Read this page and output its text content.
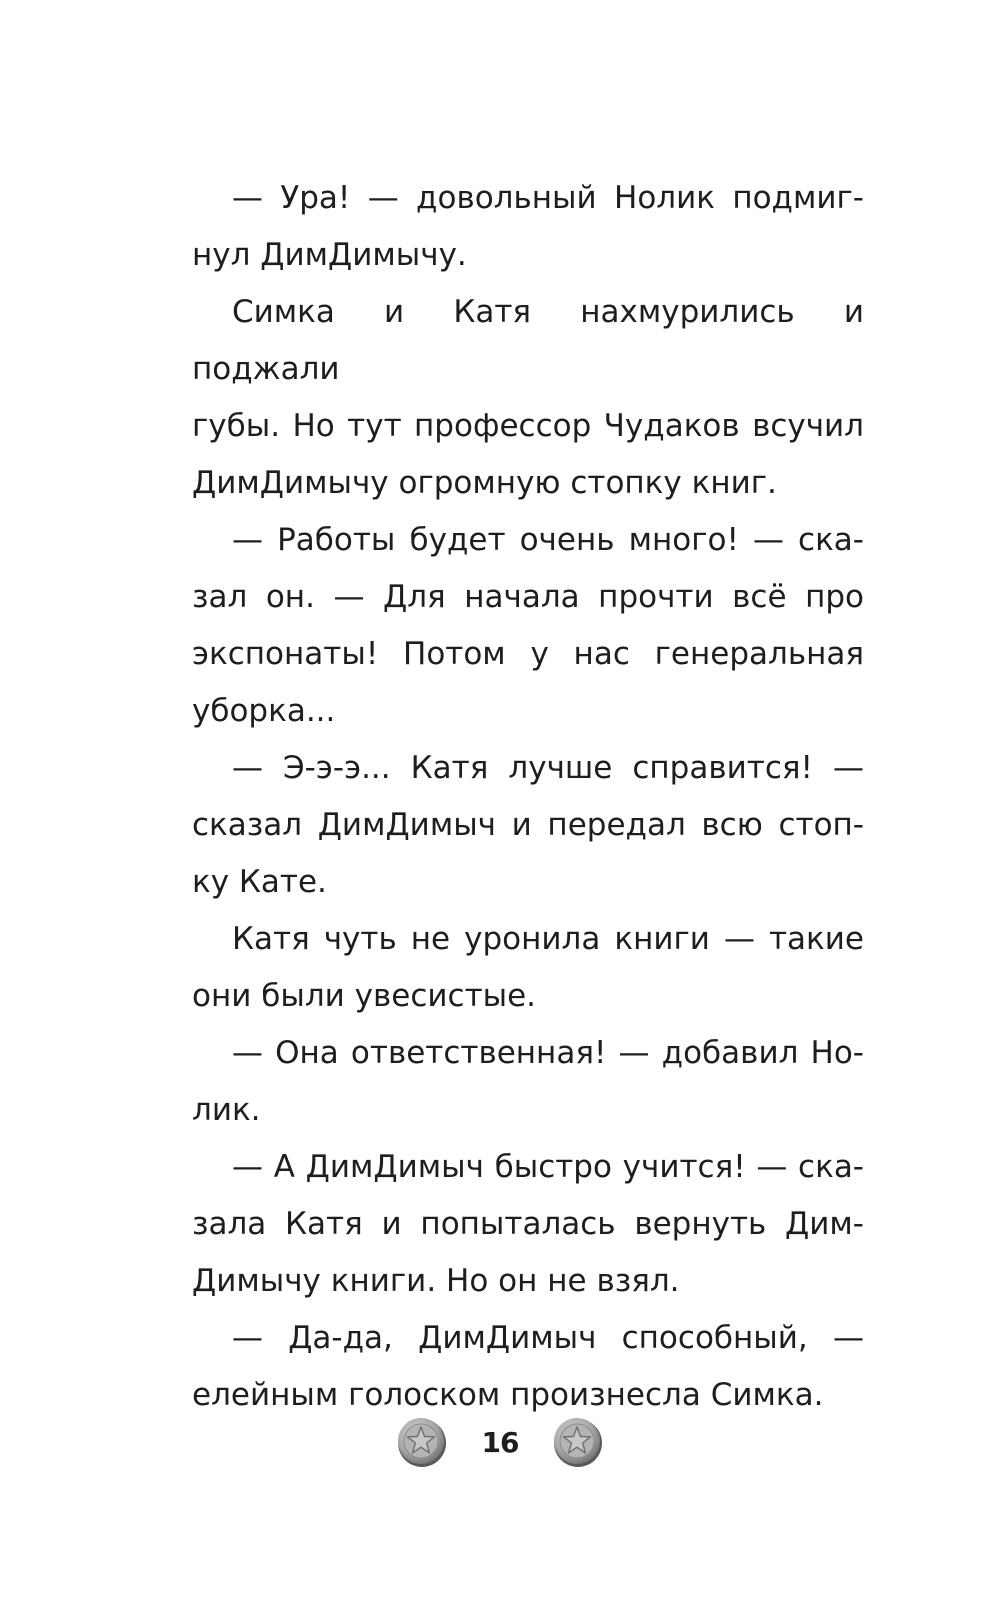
— Ура! — довольный Нолик подмиг-
нул ДимДимычу.
Симка и Катя нахмурились и поджали
губы. Но тут профессор Чудаков всучил
ДимДимычу огромную стопку книг.
— Работы будет очень много! — ска-
зал он. — Для начала прочти всё про
экспонаты! Потом у нас генеральная
уборка...
— Э-э-э... Катя лучше справится! —
сказал ДимДимыч и передал всю стоп-
ку Кате.
Катя чуть не уронила книги — такие
они были увесистые.
— Она ответственная! — добавил Но-
лик.
— А ДимДимыч быстро учится! — ска-
зала Катя и попыталась вернуть Дим-
Димычу книги. Но он не взял.
— Да-да, ДимДимыч способный, —
елейным голоском произнесла Симка.
16
